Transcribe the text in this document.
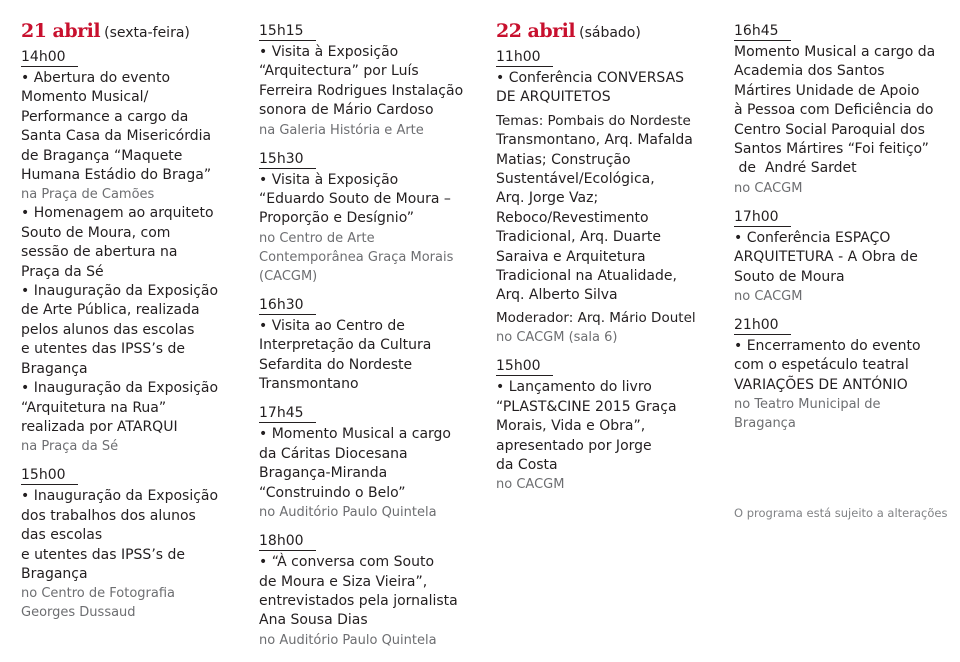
21 abril (sexta-feira)
14h00
• Abertura do evento
Momento Musical/
Performance a cargo da
Santa Casa da Misericórdia
de Bragança “Maquete
Humana Estádio do Braga”
na Praça de Camões
• Homenagem ao arquiteto
Souto de Moura, com
sessão de abertura na
Praça da Sé
• Inauguração da Exposição
de Arte Pública, realizada
pelos alunos das escolas
e utentes das IPSS’s de
Bragança
• Inauguração da Exposição
“Arquitetura na Rua”
realizada por ATARQUI
na Praça da Sé
15h00
• Inauguração da Exposição
dos trabalhos dos alunos
das escolas
e utentes das IPSS’s de
Bragança
no Centro de Fotografia
Georges Dussaud
15h15
• Visita à Exposição
“Arquitectura” por Luís
Ferreira Rodrigues Instalação
sonora de Mário Cardoso
na Galeria História e Arte
15h30
• Visita à Exposição
“Eduardo Souto de Moura –
Proporção e Desígnio”
no Centro de Arte
Contemporânea Graça Morais
(CACGM)
16h30
• Visita ao Centro de
Interpretação da Cultura
Sefardita do Nordeste
Transmontano
17h45
• Momento Musical a cargo
da Cáritas Diocesana
Bragança-Miranda
“Construindo o Belo”
no Auditório Paulo Quintela
18h00
• “À conversa com Souto
de Moura e Siza Vieira”,
entrevistados pela jornalista
Ana Sousa Dias
no Auditório Paulo Quintela
22 abril (sábado)
11h00
• Conferência CONVERSAS
DE ARQUITETOS
Temas: Pombais do Nordeste
Transmontano, Arq. Mafalda
Matias; Construção
Sustentável/Ecológica,
Arq. Jorge Vaz;
Reboco/Revestimento
Tradicional, Arq. Duarte
Saraiva e Arquitetura
Tradicional na Atualidade,
Arq. Alberto Silva
Moderador: Arq. Mário Doutel
no CACGM (sala 6)
15h00
• Lançamento do livro
“PLAST&CINE 2015 Graça
Morais, Vida e Obra”,
apresentado por Jorge
da Costa
no CACGM
16h45
Momento Musical a cargo da
Academia dos Santos
Mártires Unidade de Apoio
à Pessoa com Deficiência do
Centro Social Paroquial dos
Santos Mártires “Foi feitiço”
de  André Sardet
no CACGM
17h00
• Conferência ESPAÇO
ARQUITETURA - A Obra de
Souto de Moura
no CACGM
21h00
• Encerramento do evento
com o espetáculo teatral
VARIAÇÕES DE ANTÓNIO
no Teatro Municipal de
Bragança
O programa está sujeito a alterações
